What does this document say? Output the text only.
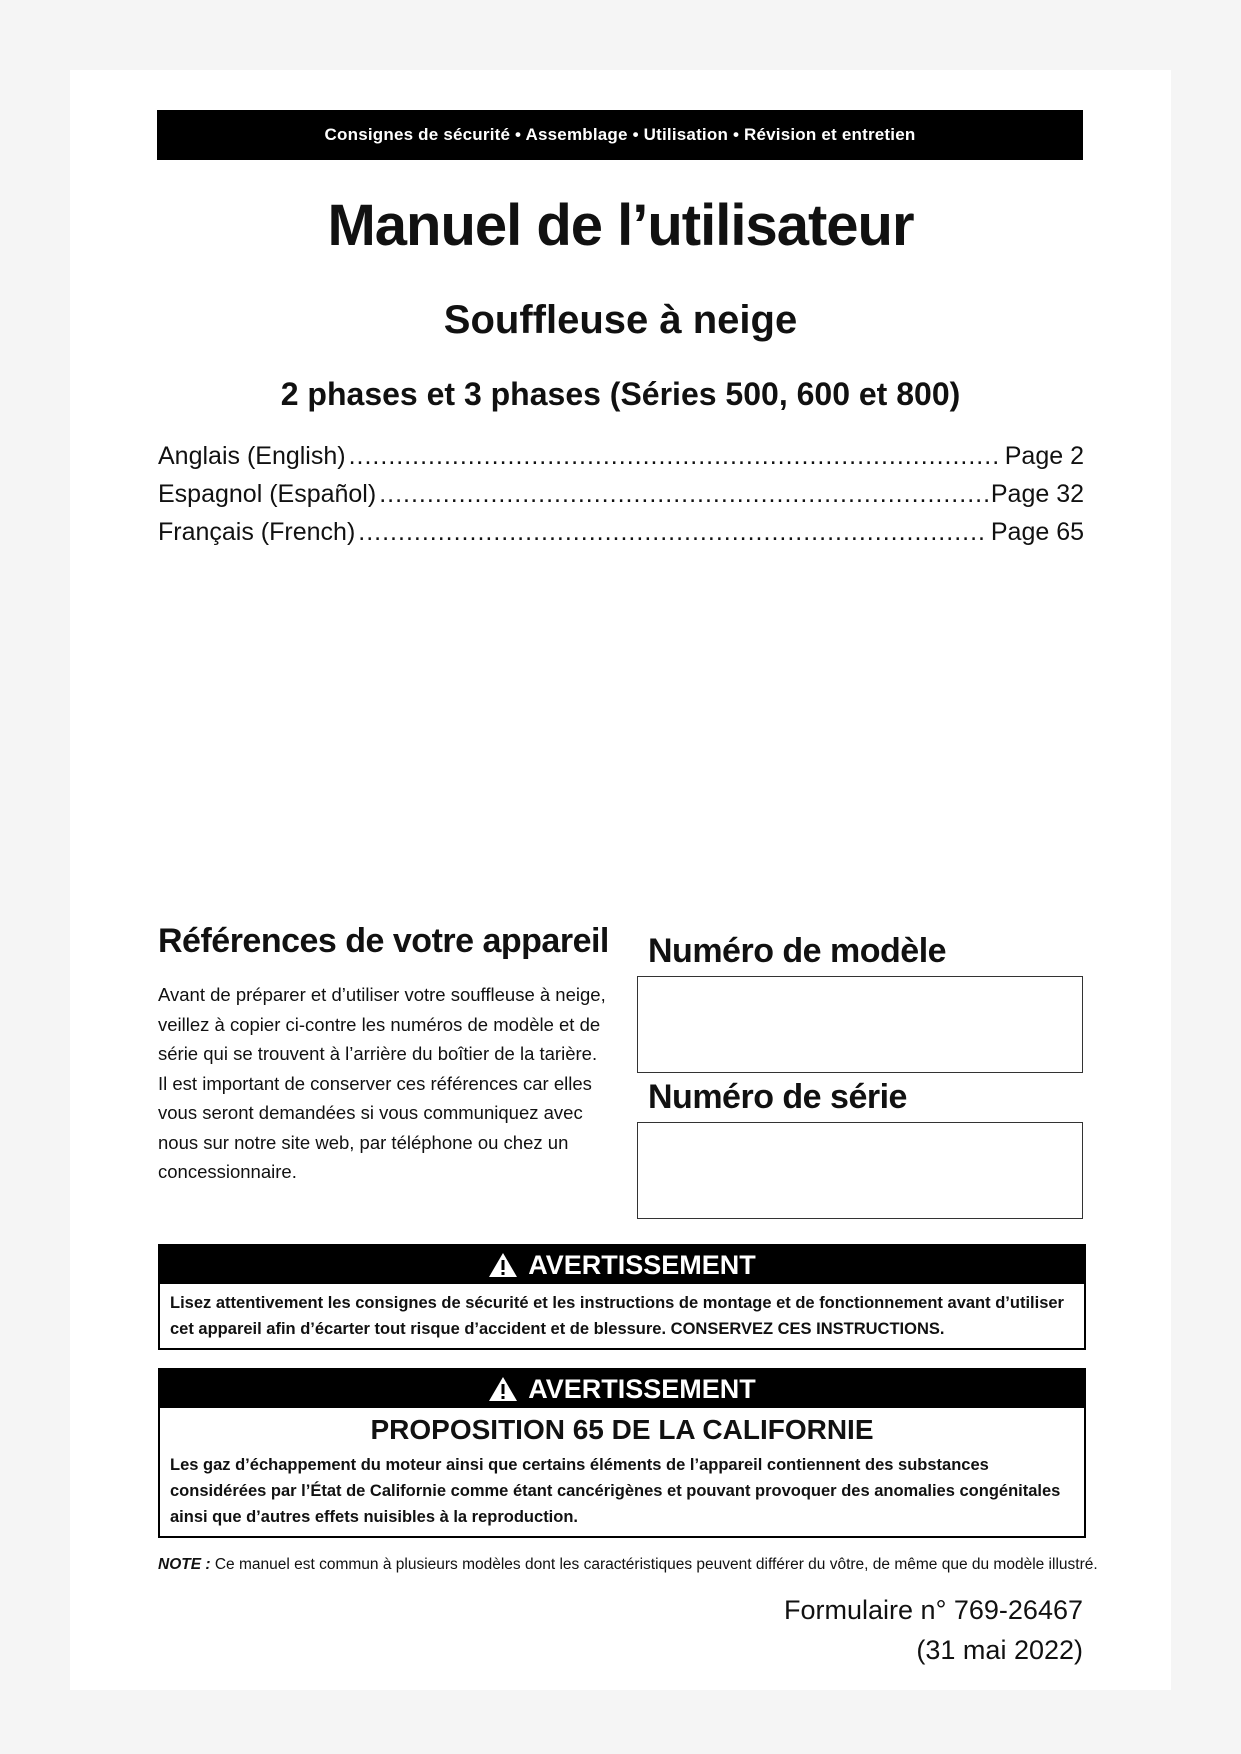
Consignes de sécurité • Assemblage • Utilisation • Révision et entretien
Manuel de l’utilisateur
Souffleuse à neige
2 phases et 3 phases (Séries 500, 600 et 800)
Anglais (English) .....	Page 2
Espagnol (Español) .....	Page 32
Français (French) .....	Page 65
Références de votre appareil
Avant de préparer et d’utiliser votre souffleuse à neige, veillez à copier ci-contre les numéros de modèle et de série qui se trouvent à l’arrière du boîtier de la tarière. Il est important de conserver ces références car elles vous seront demandées si vous communiquez avec nous sur notre site web, par téléphone ou chez un concessionnaire.
Numéro de modèle
Numéro de série
AVERTISSEMENT
Lisez attentivement les consignes de sécurité et les instructions de montage et de fonctionnement avant d’utiliser cet appareil afin d’écarter tout risque d’accident et de blessure. CONSERVEZ CES INSTRUCTIONS.
AVERTISSEMENT
PROPOSITION 65 DE LA CALIFORNIE
Les gaz d’échappement du moteur ainsi que certains éléments de l’appareil contiennent des substances considérées par l’État de Californie comme étant cancérigènes et pouvant provoquer des anomalies congénitales ainsi que d’autres effets nuisibles à la reproduction.
NOTE : Ce manuel est commun à plusieurs modèles dont les caractéristiques peuvent différer du vôtre, de même que du modèle illustré.
Formulaire n° 769-26467
(31 mai 2022)
